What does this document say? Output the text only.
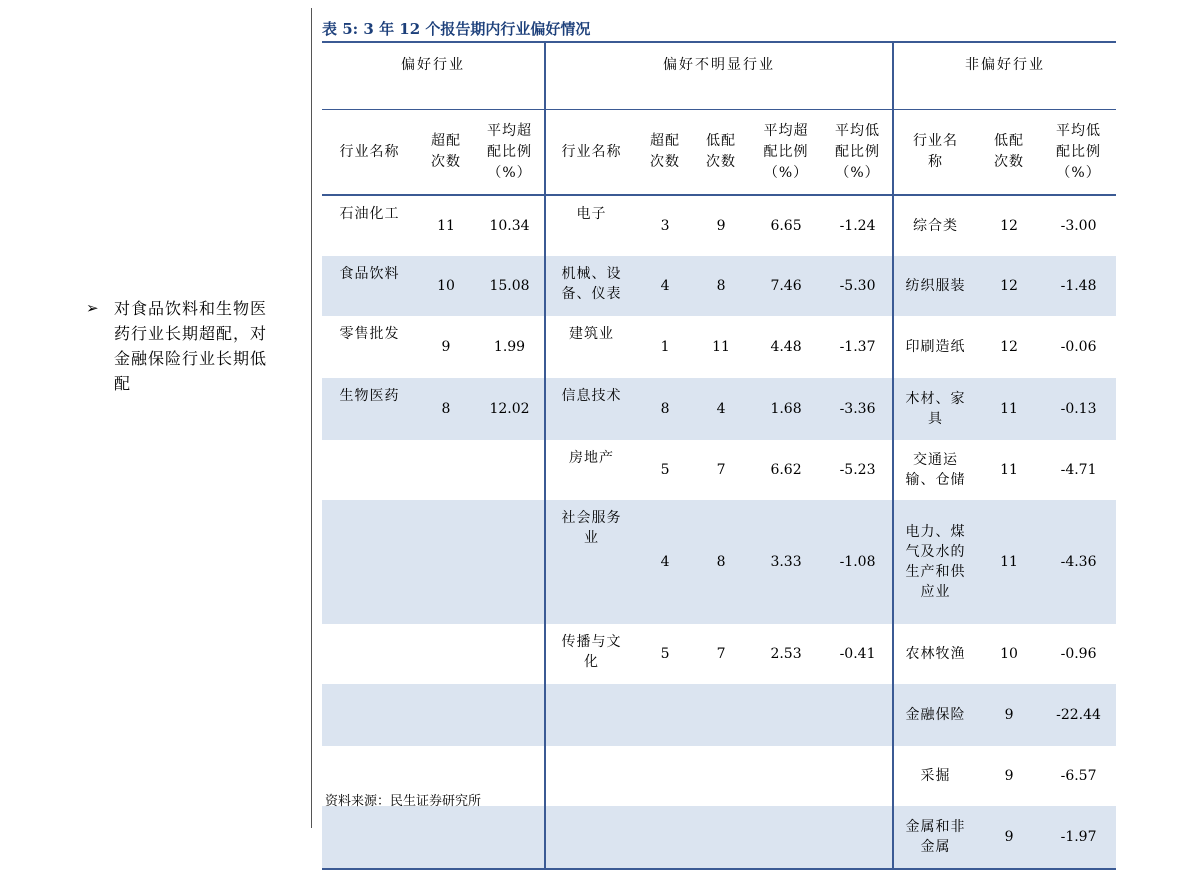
➢ 对食品饮料和生物医药行业长期超配，对金融保险行业长期低配
表 5: 3 年 12 个报告期内行业偏好情况
偏好行业			偏好不明显行业					非偏好行业		
行业名称	超配次数	平均超配比例（%）	行业名称	超配次数	低配次数	平均超配比例（%）	平均低配比例（%）	行业名称	低配次数	平均低配比例（%）

石油化工	11	10.34	电子	3	9	6.65	-1.24	综合类	12	-3.00

食品饮料	10	15.08	机械、设备、仪表	4	8	7.46	-5.30	纺织服装	12	-1.48

零售批发	9	1.99	建筑业	1	11	4.48	-1.37	印刷造纸	12	-0.06

生物医药	8	12.02	信息技术	8	4	1.68	-3.36	木材、家具	11	-0.13

			房地产	5	7	6.62	-5.23	交通运输、仓储	11	-4.71

			社会服务业	4	8	3.33	-1.08	电力、煤气及水的生产和供应业	11	-4.36

			传播与文化	5	7	2.53	-0.41	农林牧渔	10	-0.96

								金融保险	9	-22.44

								采掘	9	-6.57

								金属和非金属	9	-1.97
资料来源：民生证券研究所
